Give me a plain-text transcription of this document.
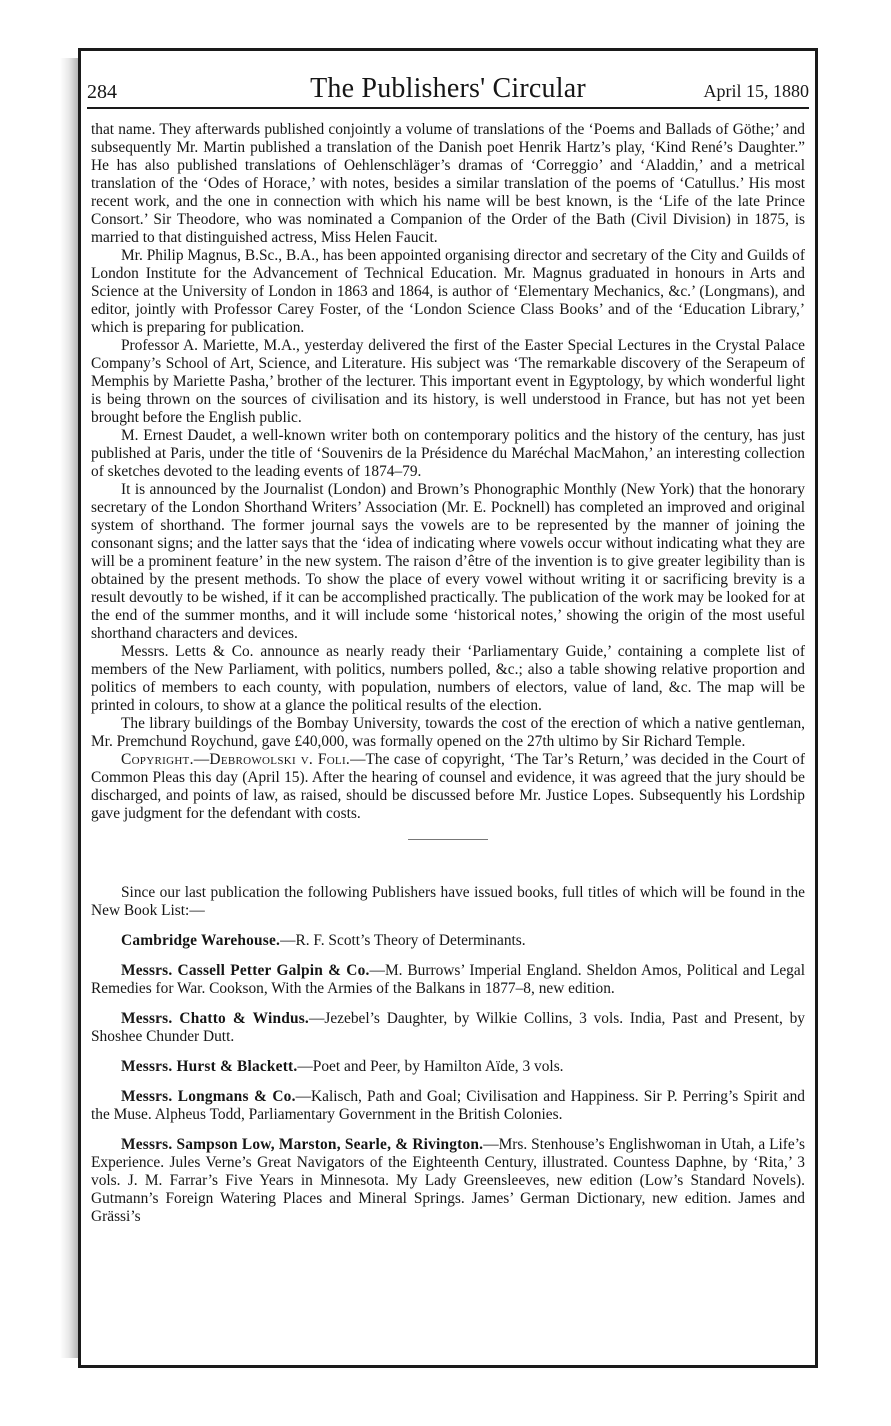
284	The Publishers' Circular	April 15, 1880

that name. They afterwards published conjointly a volume of translations of the ‘Poems and Ballads of Göthe;’ and subsequently Mr. Martin published a translation of the Danish poet Henrik Hartz’s play, ‘Kind René’s Daughter.” He has also published translations of Oehlenschläger’s dramas of ‘Correggio’ and ‘Aladdin,’ and a metrical translation of the ‘Odes of Horace,’ with notes, besides a similar translation of the poems of ‘Catullus.’ His most recent work, and the one in connection with which his name will be best known, is the ‘Life of the late Prince Consort.’ Sir Theodore, who was nominated a Companion of the Order of the Bath (Civil Division) in 1875, is married to that distinguished actress, Miss Helen Faucit.

Mr. Philip Magnus, B.Sc., B.A., has been appointed organising director and secretary of the City and Guilds of London Institute for the Advancement of Technical Education. Mr. Magnus graduated in honours in Arts and Science at the University of London in 1863 and 1864, is author of ‘Elementary Mechanics, &c.’ (Longmans), and editor, jointly with Professor Carey Foster, of the ‘London Science Class Books’ and of the ‘Education Library,’ which is preparing for publication.

Professor A. Mariette, M.A., yesterday delivered the first of the Easter Special Lectures in the Crystal Palace Company’s School of Art, Science, and Literature. His subject was ‘The remarkable discovery of the Serapeum of Memphis by Mariette Pasha,’ brother of the lecturer. This important event in Egyptology, by which wonderful light is being thrown on the sources of civilisation and its history, is well understood in France, but has not yet been brought before the English public.

M. Ernest Daudet, a well-known writer both on contemporary politics and the history of the century, has just published at Paris, under the title of ‘Souvenirs de la Présidence du Maréchal MacMahon,’ an interesting collection of sketches devoted to the leading events of 1874–79.

It is announced by the Journalist (London) and Brown’s Phonographic Monthly (New York) that the honorary secretary of the London Shorthand Writers’ Association (Mr. E. Pocknell) has completed an improved and original system of shorthand. The former journal says the vowels are to be represented by the manner of joining the consonant signs; and the latter says that the ‘idea of indicating where vowels occur without indicating what they are will be a prominent feature’ in the new system. The raison d’être of the invention is to give greater legibility than is obtained by the present methods. To show the place of every vowel without writing it or sacrificing brevity is a result devoutly to be wished, if it can be accomplished practically. The publication of the work may be looked for at the end of the summer months, and it will include some ‘historical notes,’ showing the origin of the most useful shorthand characters and devices.

Messrs. Letts & Co. announce as nearly ready their ‘Parliamentary Guide,’ containing a complete list of members of the New Parliament, with politics, numbers polled, &c.; also a table showing relative proportion and politics of members to each county, with population, numbers of electors, value of land, &c. The map will be printed in colours, to show at a glance the political results of the election.

The library buildings of the Bombay University, towards the cost of the erection of which a native gentleman, Mr. Premchund Roychund, gave £40,000, was formally opened on the 27th ultimo by Sir Richard Temple.

Copyright.—Debrowolski v. Foli.—The case of copyright, ‘The Tar’s Return,’ was decided in the Court of Common Pleas this day (April 15). After the hearing of counsel and evidence, it was agreed that the jury should be discharged, and points of law, as raised, should be discussed before Mr. Justice Lopes. Subsequently his Lordship gave judgment for the defendant with costs.

Since our last publication the following Publishers have issued books, full titles of which will be found in the New Book List:—

Cambridge Warehouse.—R. F. Scott’s Theory of Determinants.

Messrs. Cassell Petter Galpin & Co.—M. Burrows’ Imperial England. Sheldon Amos, Political and Legal Remedies for War. Cookson, With the Armies of the Balkans in 1877–8, new edition.

Messrs. Chatto & Windus.—Jezebel’s Daughter, by Wilkie Collins, 3 vols. India, Past and Present, by Shoshee Chunder Dutt.

Messrs. Hurst & Blackett.—Poet and Peer, by Hamilton Aïde, 3 vols.

Messrs. Longmans & Co.—Kalisch, Path and Goal; Civilisation and Happiness. Sir P. Perring’s Spirit and the Muse. Alpheus Todd, Parliamentary Government in the British Colonies.

Messrs. Sampson Low, Marston, Searle, & Rivington.—Mrs. Stenhouse’s Englishwoman in Utah, a Life’s Experience. Jules Verne’s Great Navigators of the Eighteenth Century, illustrated. Countess Daphne, by ‘Rita,’ 3 vols. J. M. Farrar’s Five Years in Minnesota. My Lady Greensleeves, new edition (Low’s Standard Novels). Gutmann’s Foreign Watering Places and Mineral Springs. James’ German Dictionary, new edition. James and Grässi’s
